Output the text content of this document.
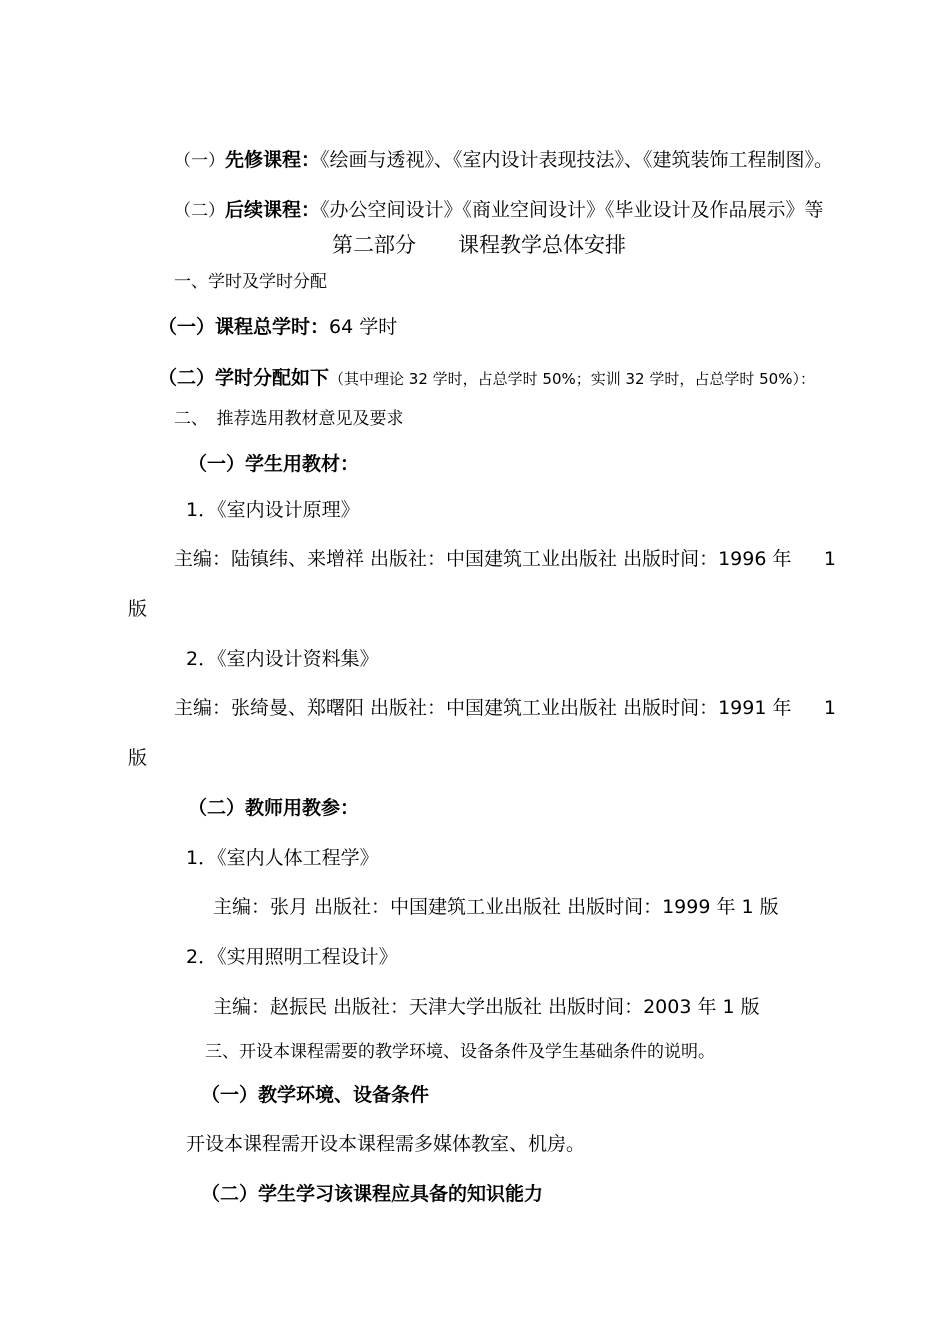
（一）先修课程：《绘画与透视》、《室内设计表现技法》、《建筑装饰工程制图》。
（二）后续课程：《办公空间设计》《商业空间设计》《毕业设计及作品展示》等
第二部分　　课程教学总体安排
一、学时及学时分配
（一）课程总学时：64 学时
（二）学时分配如下（其中理论 32 学时，占总学时 50%；实训 32 学时，占总学时 50%）：
二、　推荐选用教材意见及要求
（一）学生用教材：
1．《室内设计原理》
主编：陆镇纬、来增祥 出版社：中国建筑工业出版社 出版时间：1996 年 1
版
2．《室内设计资料集》
主编：张绮曼、郑曙阳 出版社：中国建筑工业出版社 出版时间：1991 年 1
版
（二）教师用教参：
1．《室内人体工程学》
主编：张月 出版社：中国建筑工业出版社 出版时间：1999 年 1 版
2．《实用照明工程设计》
主编：赵振民 出版社：天津大学出版社 出版时间：2003 年 1 版
三、开设本课程需要的教学环境、设备条件及学生基础条件的说明。
（一）教学环境、设备条件
开设本课程需开设本课程需多媒体教室、机房。
（二）学生学习该课程应具备的知识能力
